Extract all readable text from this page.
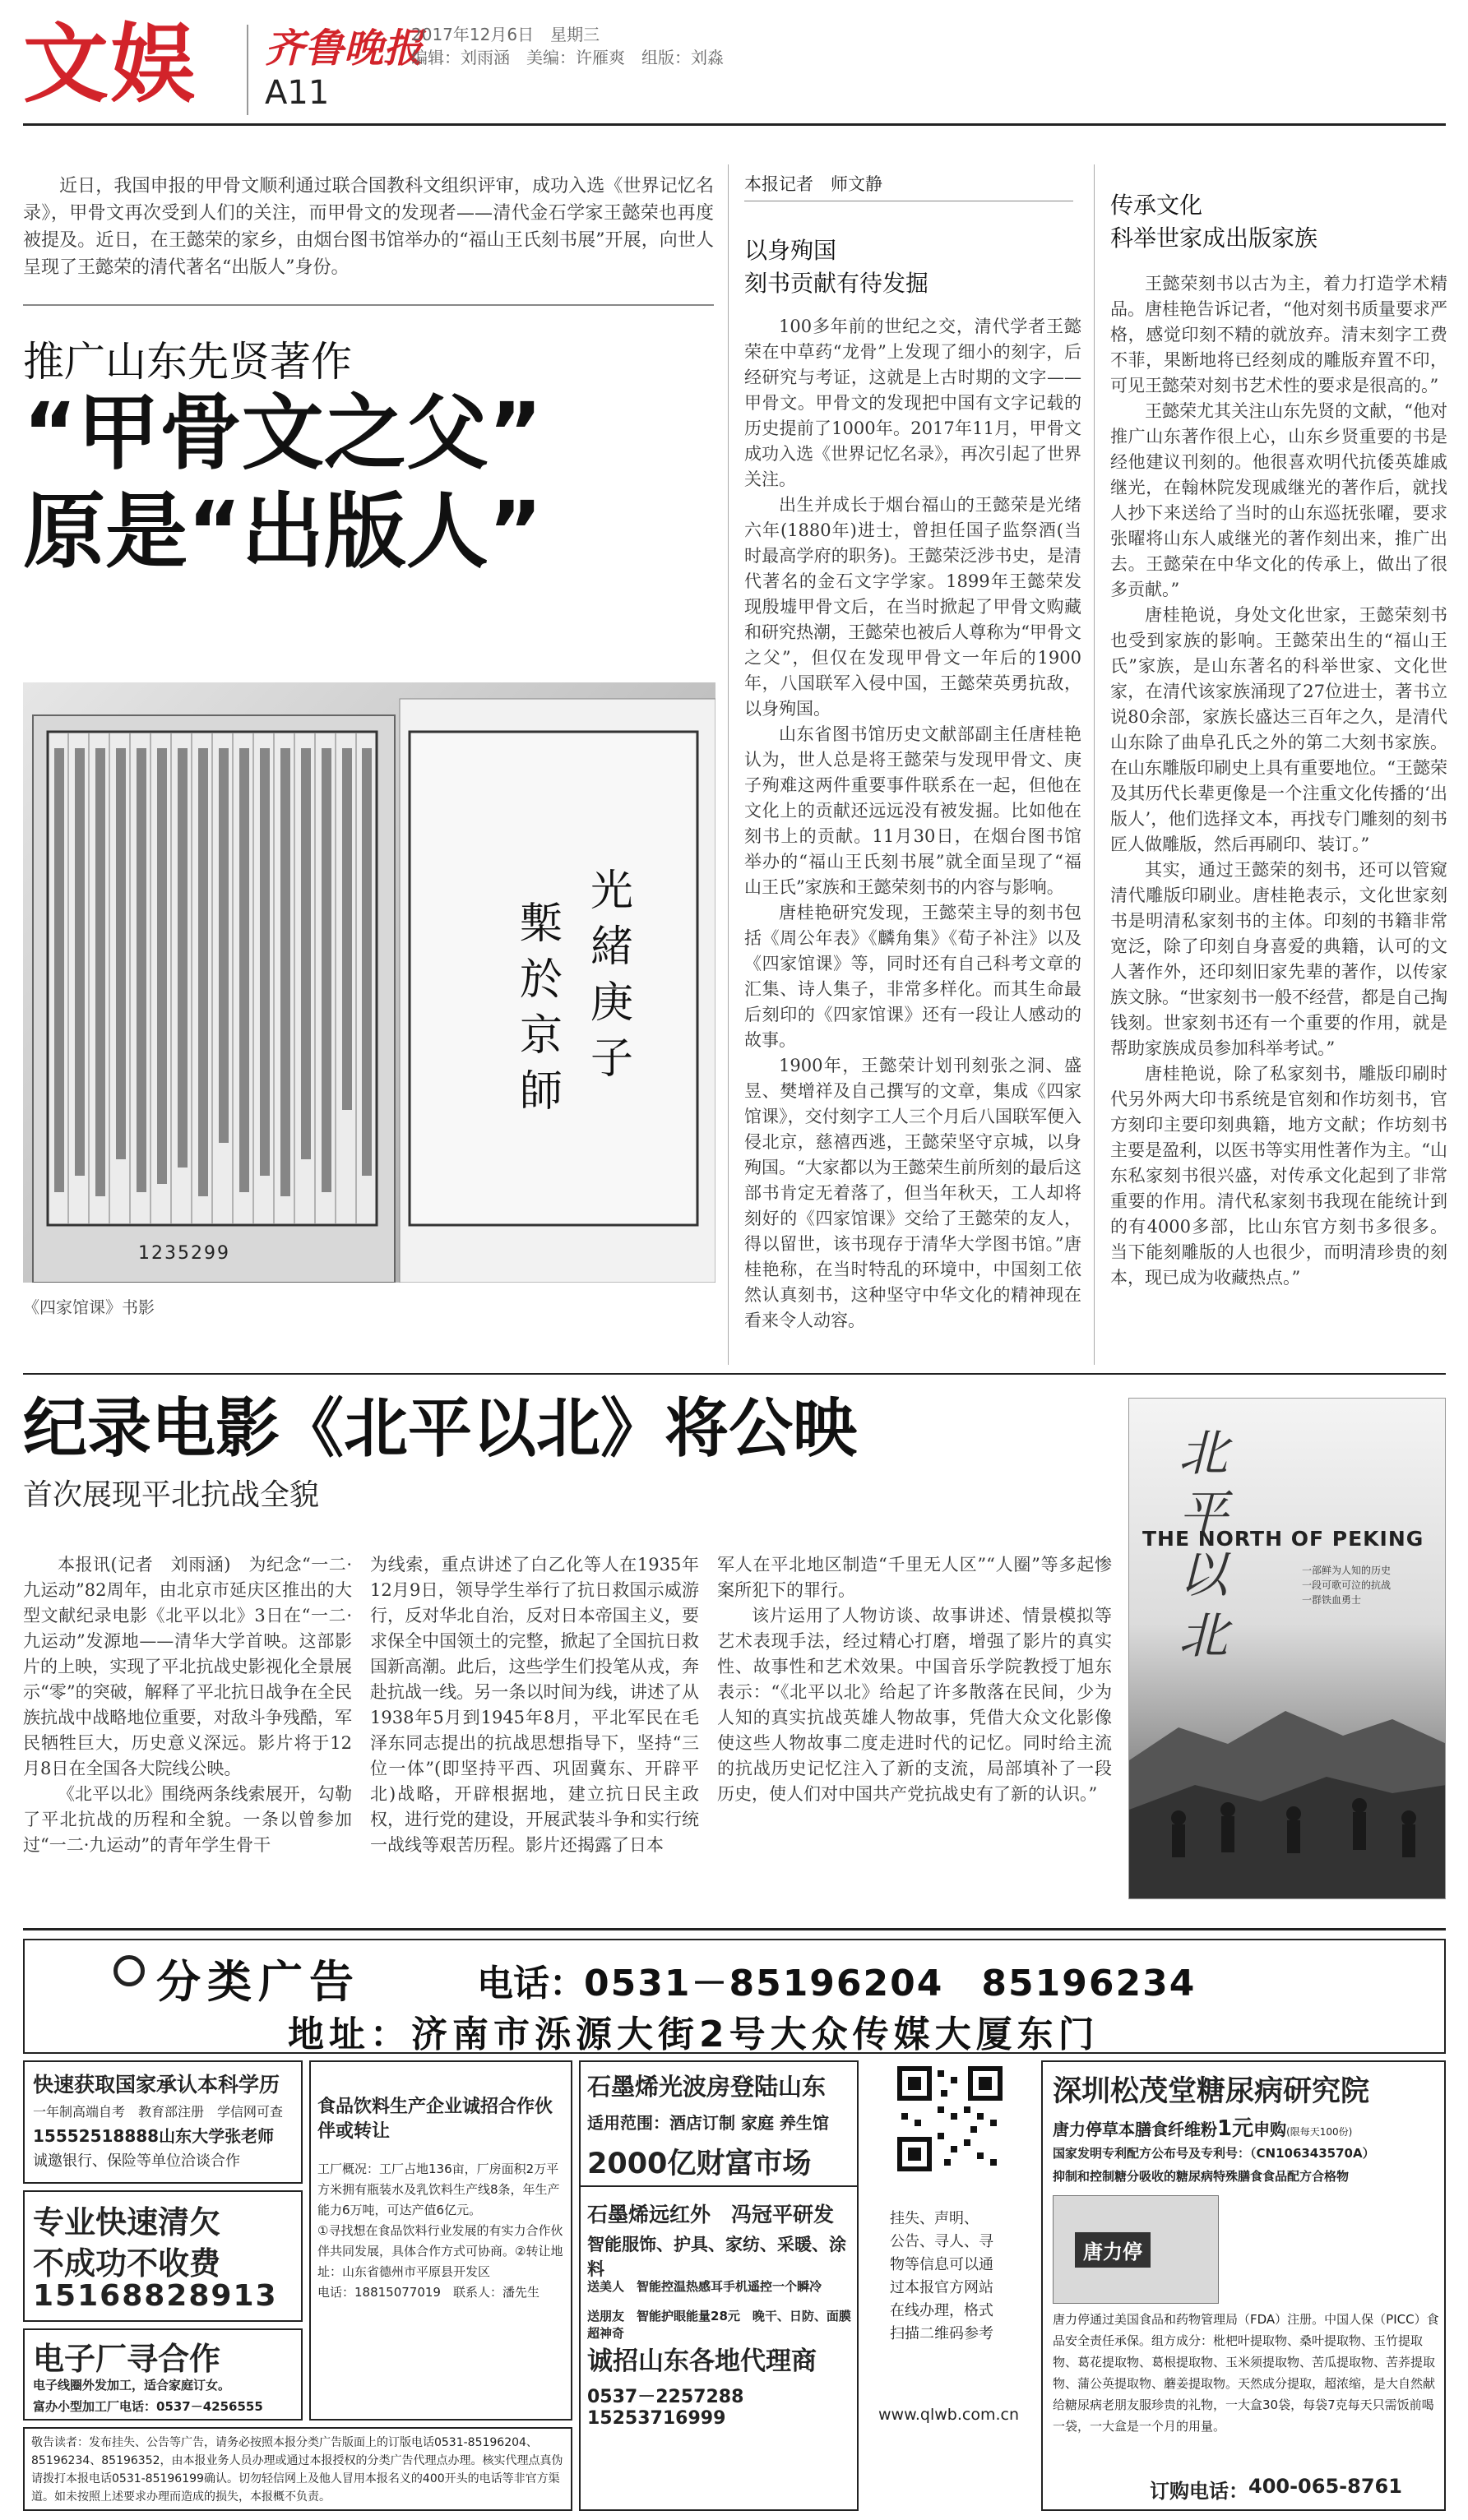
文娱 齐鲁晚报
A11
2017年12月6日　星期三
编辑：刘雨涵　美编：许雁爽　组版：刘淼

近日，我国申报的甲骨文顺利通过联合国教科文组织评审，成功入选《世界记忆名录》，甲骨文再次受到人们的关注，而甲骨文的发现者——清代金石学家王懿荣也再度被提及。近日，在王懿荣的家乡，由烟台图书馆举办的“福山王氏刻书展”开展，向世人呈现了王懿荣的清代著名“出版人”身份。

推广山东先贤著作
“甲骨文之父”
原是“出版人”
光緒庚子
槧於京師
1235299
《四家馆课》书影
本报记者　师文静
以身殉国
刻书贡献有待发掘

100多年前的世纪之交，清代学者王懿荣在中草药“龙骨”上发现了细小的刻字，后经研究与考证，这就是上古时期的文字——甲骨文。甲骨文的发现把中国有文字记载的历史提前了1000年。2017年11月，甲骨文成功入选《世界记忆名录》，再次引起了世界关注。

出生并成长于烟台福山的王懿荣是光绪六年(1880年)进士，曾担任国子监祭酒(当时最高学府的职务)。王懿荣泛涉书史，是清代著名的金石文字学家。1899年王懿荣发现殷墟甲骨文后，在当时掀起了甲骨文购藏和研究热潮，王懿荣也被后人尊称为“甲骨文之父”，但仅在发现甲骨文一年后的1900年，八国联军入侵中国，王懿荣英勇抗敌，以身殉国。

山东省图书馆历史文献部副主任唐桂艳认为，世人总是将王懿荣与发现甲骨文、庚子殉难这两件重要事件联系在一起，但他在文化上的贡献还远远没有被发掘。比如他在刻书上的贡献。11月30日，在烟台图书馆举办的“福山王氏刻书展”就全面呈现了“福山王氏”家族和王懿荣刻书的内容与影响。

唐桂艳研究发现，王懿荣主导的刻书包括《周公年表》《麟角集》《荀子补注》以及《四家馆课》等，同时还有自己科考文章的汇集、诗人集子，非常多样化。而其生命最后刻印的《四家馆课》还有一段让人感动的故事。

1900年，王懿荣计划刊刻张之洞、盛昱、樊增祥及自己撰写的文章，集成《四家馆课》，交付刻字工人三个月后八国联军便入侵北京，慈禧西逃，王懿荣坚守京城，以身殉国。“大家都以为王懿荣生前所刻的最后这部书肯定无着落了，但当年秋天，工人却将刻好的《四家馆课》交给了王懿荣的友人，得以留世，该书现存于清华大学图书馆。”唐桂艳称，在当时特乱的环境中，中国刻工依然认真刻书，这种坚守中华文化的精神现在看来令人动容。

传承文化
科举世家成出版家族

王懿荣刻书以古为主，着力打造学术精品。唐桂艳告诉记者，“他对刻书质量要求严格，感觉印刻不精的就放弃。清末刻字工费不菲，果断地将已经刻成的雕版弃置不印，可见王懿荣对刻书艺术性的要求是很高的。”

王懿荣尤其关注山东先贤的文献，“他对推广山东著作很上心，山东乡贤重要的书是经他建议刊刻的。他很喜欢明代抗倭英雄戚继光，在翰林院发现戚继光的著作后，就找人抄下来送给了当时的山东巡抚张曜，要求张曜将山东人戚继光的著作刻出来，推广出去。王懿荣在中华文化的传承上，做出了很多贡献。”

唐桂艳说，身处文化世家，王懿荣刻书也受到家族的影响。王懿荣出生的“福山王氏”家族，是山东著名的科举世家、文化世家，在清代该家族涌现了27位进士，著书立说80余部，家族长盛达三百年之久，是清代山东除了曲阜孔氏之外的第二大刻书家族。在山东雕版印刷史上具有重要地位。“王懿荣及其历代长辈更像是一个注重文化传播的‘出版人’，他们选择文本，再找专门雕刻的刻书匠人做雕版，然后再刷印、装订。”

其实，通过王懿荣的刻书，还可以管窥清代雕版印刷业。唐桂艳表示，文化世家刻书是明清私家刻书的主体。印刻的书籍非常宽泛，除了印刻自身喜爱的典籍，认可的文人著作外，还印刻旧家先辈的著作，以传家族文脉。“世家刻书一般不经营，都是自己掏钱刻。世家刻书还有一个重要的作用，就是帮助家族成员参加科举考试。”

唐桂艳说，除了私家刻书，雕版印刷时代另外两大印书系统是官刻和作坊刻书，官方刻印主要印刻典籍，地方文献；作坊刻书主要是盈利，以医书等实用性著作为主。“山东私家刻书很兴盛，对传承文化起到了非常重要的作用。清代私家刻书我现在能统计到的有4000多部，比山东官方刻书多很多。当下能刻雕版的人也很少，而明清珍贵的刻本，现已成为收藏热点。”

纪录电影《北平以北》将公映
首次展现平北抗战全貌

本报讯(记者　刘雨涵)　为纪念“一二·九运动”82周年，由北京市延庆区推出的大型文献纪录电影《北平以北》3日在“一二·九运动”发源地——清华大学首映。这部影片的上映，实现了平北抗战史影视化全景展示“零”的突破，解释了平北抗日战争在全民族抗战中战略地位重要，对敌斗争残酷，军民牺牲巨大，历史意义深远。影片将于12月8日在全国各大院线公映。

《北平以北》围绕两条线索展开，勾勒了平北抗战的历程和全貌。一条以曾参加过“一二·九运动”的青年学生骨干

为线索，重点讲述了白乙化等人在1935年12月9日，领导学生举行了抗日救国示威游行，反对华北自治，反对日本帝国主义，要求保全中国领土的完整，掀起了全国抗日救国新高潮。此后，这些学生们投笔从戎，奔赴抗战一线。另一条以时间为线，讲述了从1938年5月到1945年8月，平北军民在毛泽东同志提出的抗战思想指导下，坚持“三位一体”(即坚持平西、巩固冀东、开辟平北)战略，开辟根据地，建立抗日民主政权，进行党的建设，开展武装斗争和实行统一战线等艰苦历程。影片还揭露了日本

军人在平北地区制造“千里无人区”“人圈”等多起惨案所犯下的罪行。

该片运用了人物访谈、故事讲述、情景模拟等艺术表现手法，经过精心打磨，增强了影片的真实性、故事性和艺术效果。中国音乐学院教授丁旭东表示：“《北平以北》给起了许多散落在民间，少为人知的真实抗战英雄人物故事，凭借大众文化影像使这些人物故事二度走进时代的记忆。同时给主流的抗战历史记忆注入了新的支流，局部填补了一段历史，使人们对中国共产党抗战史有了新的认识。”

北平以北
THE NORTH OF PEKING
一部鲜为人知的历史
一段可歌可泣的抗战
一群铁血勇士
分类广告	电话：
0531－85196204　85196234
地址：济南市泺源大街2号大众传媒大厦东门
快速获取国家承认本科学历
一年制高端自考　教育部注册　学信网可查
15552518888山东大学张老师
诚邀银行、保险等单位洽谈合作
专业快速清欠
不成功不收费
15168828913
电子厂寻合作
电子线圈外发加工，适合家庭订女。
富办小型加工厂电话：0537－4256555
食品饮料生产企业诚招合作伙伴或转让
工厂概况：工厂占地136亩，厂房面积2万平方米拥有瓶装水及乳饮料生产线8条，年生产能力6万吨，可达产值6亿元。
①寻找想在食品饮料行业发展的有实力合作伙伴共同发展，具体合作方式可协商。②转让地址：山东省德州市平原县开发区
电话：18815077019　联系人：潘先生
石墨烯光波房登陆山东
适用范围：酒店订制 家庭 养生馆
2000亿财富市场
石墨烯远红外　冯冠平研发
智能服饰、护具、家纺、采暖、涂料
送美人　智能控温热感耳手机遥控一个瞬冷
送朋友　智能护眼能量28元　晚干、日防、面膜超神奇
诚招山东各地代理商
0537－2257288　15253716999
挂失、声明、
公告、寻人、寻
物等信息可以通
过本报官方网站
在线办理，格式
扫描二维码参考
www.qlwb.com.cn
深圳松茂堂糖尿病研究院
唐力停草本膳食纤维粉1元申购(限每天100份)
国家发明专利配方公布号及专利号：（CN106343570A）
抑制和控制糖分吸收的糖尿病特殊膳食食品配方合格物
唐力停
唐力停通过美国食品和药物管理局（FDA）注册。中国人保（PICC）食品安全责任承保。组方成分：枇杷叶提取物、桑叶提取物、玉竹提取物、葛花提取物、葛根提取物、玉米须提取物、苦瓜提取物、苦荞提取物、蒲公英提取物、蘑姜提取物。天然成分提取，超浓缩，是大自然献给糖尿病老朋友服珍贵的礼物，一大盒30袋，每袋7克每天只需饭前喝一袋，一大盒是一个月的用量。
订购电话： 400-065-8761
敬告读者：发布挂失、公告等广告，请务必按照本报分类广告版面上的订版电话0531-85196204、85196234、85196352，由本报业务人员办理或通过本报授权的分类广告代理点办理。核实代理点真伪请拨打本报电话0531-85196199确认。切勿轻信网上及他人冒用本报名义的400开头的电话等非官方渠道。如未按照上述要求办理而造成的损失，本报概不负责。
